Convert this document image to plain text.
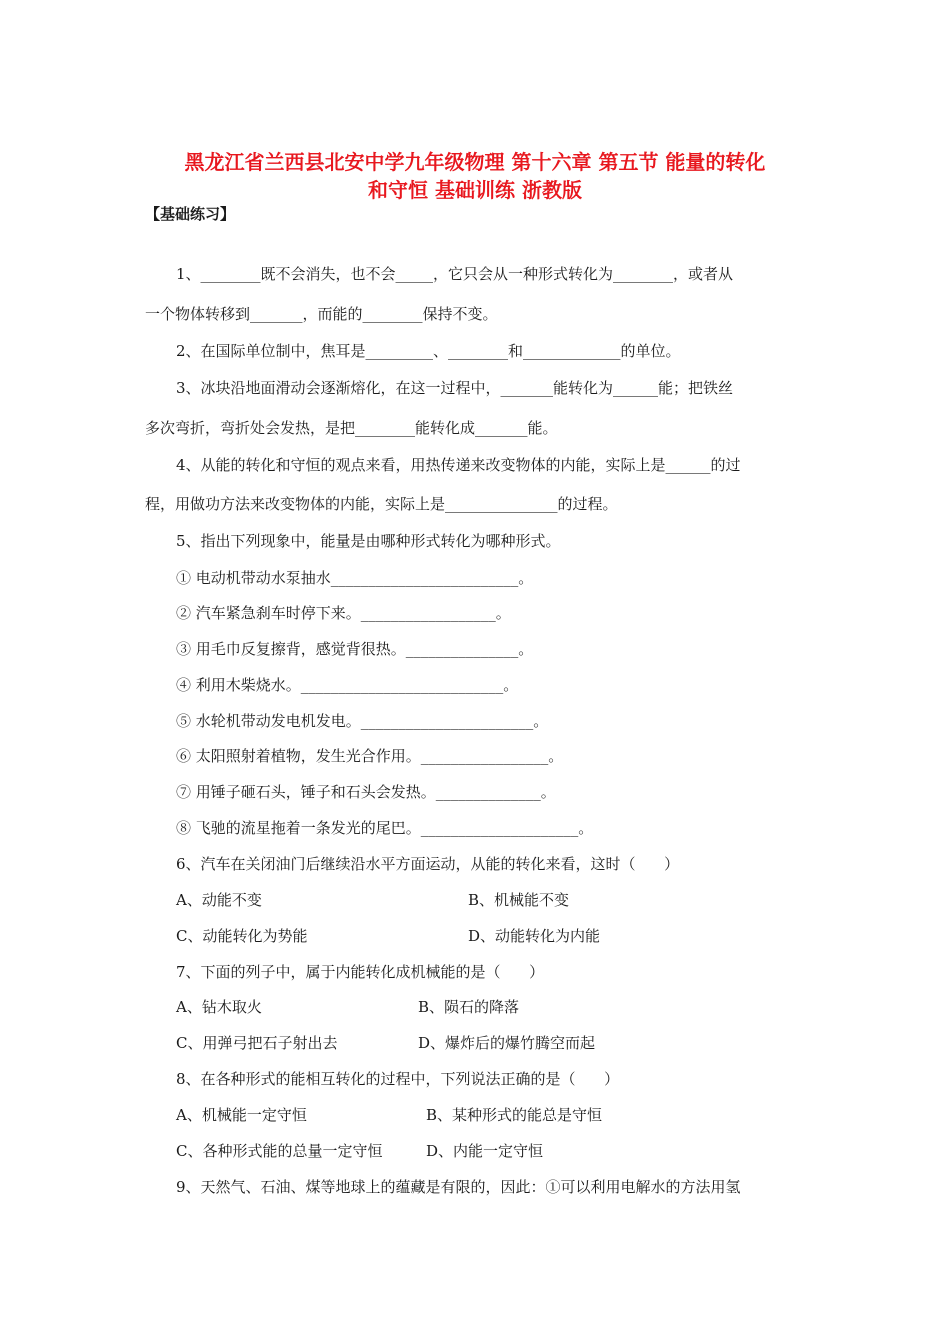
黑龙江省兰西县北安中学九年级物理 第十六章 第五节 能量的转化
和守恒 基础训练 浙教版
【基础练习】
1、________既不会消失，也不会_____，它只会从一种形式转化为________，或者从
一个物体转移到_______，而能的________保持不变。
2、在国际单位制中，焦耳是_________、________和_____________的单位。
3、冰块沿地面滑动会逐渐熔化，在这一过程中，_______能转化为______能；把铁丝
多次弯折，弯折处会发热，是把________能转化成_______能。
4、从能的转化和守恒的观点来看，用热传递来改变物体的内能，实际上是______的过
程，用做功方法来改变物体的内能，实际上是_______________的过程。
5、指出下列现象中，能量是由哪种形式转化为哪种形式。
① 电动机带动水泵抽水_________________________。
② 汽车紧急刹车时停下来。__________________。
③ 用毛巾反复擦背，感觉背很热。_______________。
④ 利用木柴烧水。___________________________。
⑤ 水轮机带动发电机发电。_______________________。
⑥ 太阳照射着植物，发生光合作用。_________________。
⑦ 用锤子砸石头，锤子和石头会发热。______________。
⑧ 飞驰的流星拖着一条发光的尾巴。_____________________。
6、汽车在关闭油门后继续沿水平方面运动，从能的转化来看，这时（      ）
A、动能不变	B、机械能不变
C、动能转化为势能	D、动能转化为内能
7、下面的列子中，属于内能转化成机械能的是（      ）
A、钻木取火	B、陨石的降落
C、用弹弓把石子射出去	D、爆炸后的爆竹腾空而起
8、在各种形式的能相互转化的过程中，下列说法正确的是（      ）
A、机械能一定守恒	B、某种形式的能总是守恒
C、各种形式能的总量一定守恒	D、内能一定守恒
9、天然气、石油、煤等地球上的蕴藏是有限的，因此：①可以利用电解水的方法用氢
